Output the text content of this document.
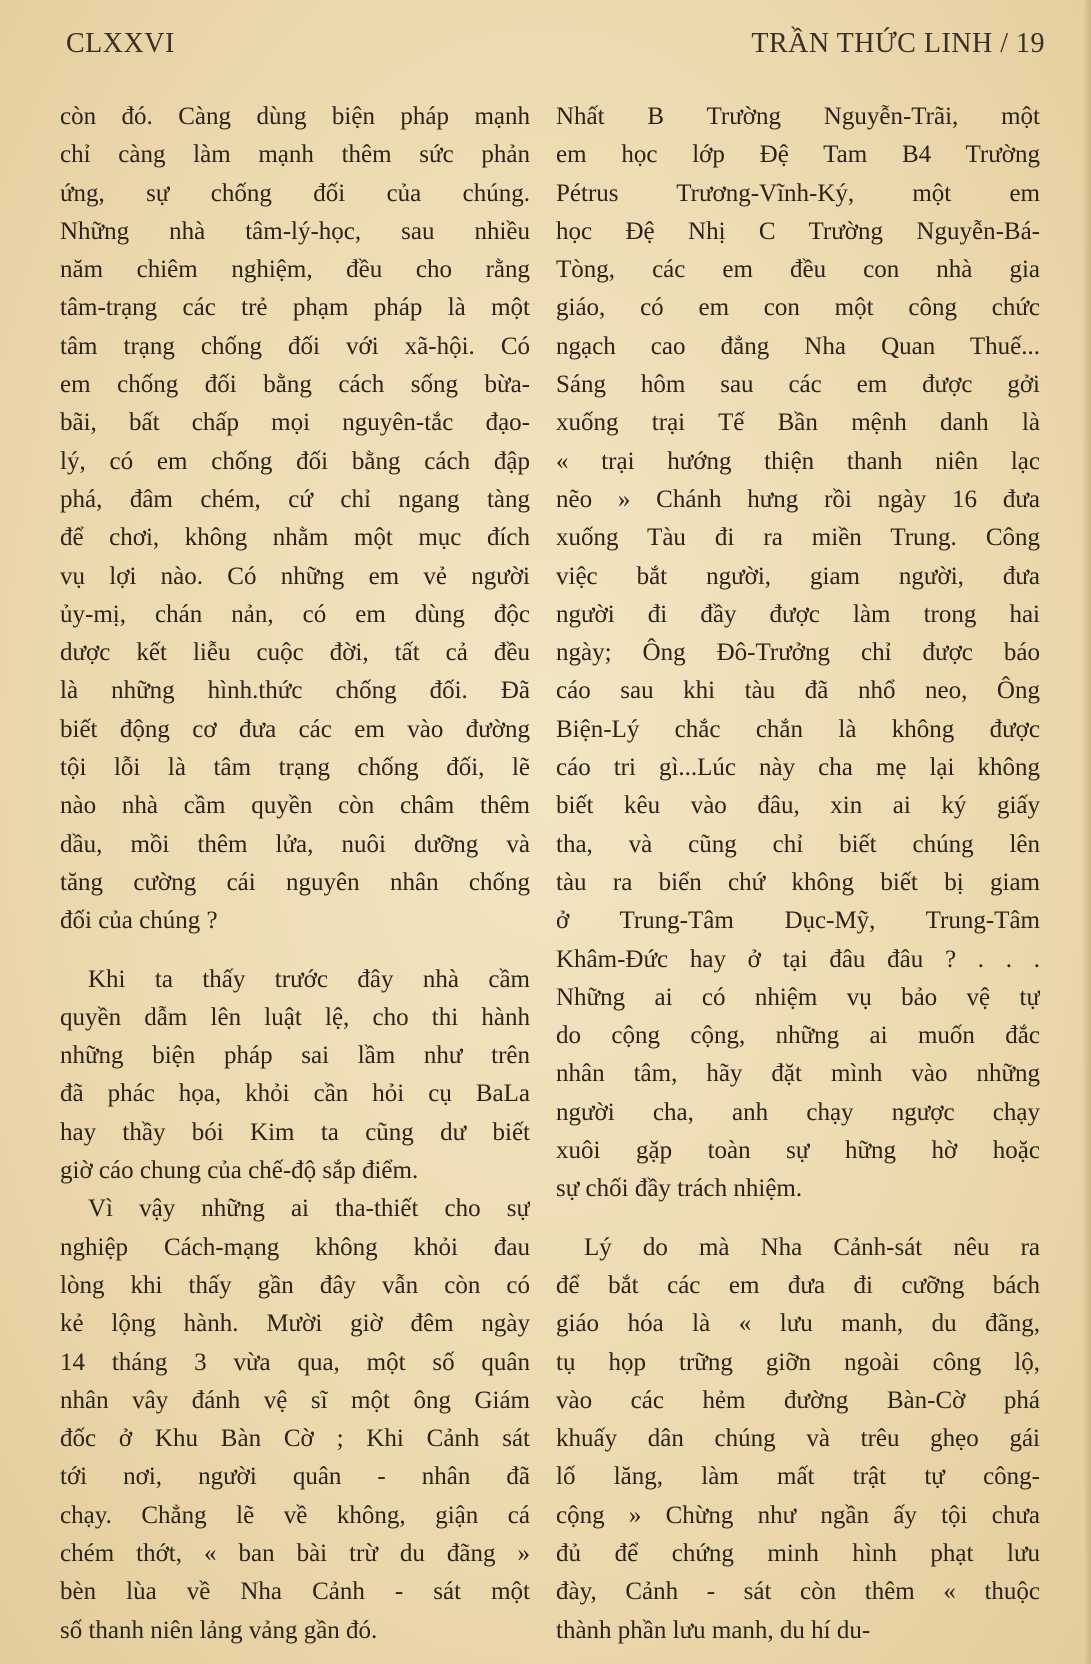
CLXXVI	TRẦN THỨC LINH / 19
còn đó. Càng dùng biện pháp mạnh
chỉ càng làm mạnh thêm sức phản
ứng, sự chống đối của chúng.
Những nhà tâm-lý-học, sau nhiều
năm chiêm nghiệm, đều cho rằng
tâm-trạng các trẻ phạm pháp là một
tâm trạng chống đối với xã-hội. Có
em chống đối bằng cách sống bừa-
bãi, bất chấp mọi nguyên-tắc đạo-
lý, có em chống đối bằng cách đập
phá, đâm chém, cứ chỉ ngang tàng
để chơi, không nhằm một mục đích
vụ lợi nào. Có những em vẻ người
ủy-mị, chán nản, có em dùng độc
dược kết liễu cuộc đời, tất cả đều
là những hình.thức chống đối. Đã
biết động cơ đưa các em vào đường
tội lỗi là tâm trạng chống đối, lẽ
nào nhà cầm quyền còn châm thêm
dầu, mồi thêm lửa, nuôi dưỡng và
tăng cường cái nguyên nhân chống
đối của chúng ?
Khi ta thấy trước đây nhà cầm
quyền dẫm lên luật lệ, cho thi hành
những biện pháp sai lầm như trên
đã phác họa, khỏi cần hỏi cụ BaLa
hay thầy bói Kim ta cũng dư biết
giờ cáo chung của chế-độ sắp điểm.
Vì vậy những ai tha-thiết cho sự
nghiệp Cách-mạng không khỏi đau
lòng khi thấy gần đây vẫn còn có
kẻ lộng hành. Mười giờ đêm ngày
14 tháng 3 vừa qua, một số quân
nhân vây đánh vệ sĩ một ông Giám
đốc ở Khu Bàn Cờ ; Khi Cảnh sát
tới nơi, người quân - nhân đã
chạy. Chẳng lẽ về không, giận cá
chém thớt, « ban bài trừ du đãng »
bèn lùa về Nha Cảnh - sát một
số thanh niên lảng vảng gần đó.
Nhất B Trường Nguyễn-Trãi, một
em học lớp Đệ Tam B4 Trường
Pétrus Trương-Vĩnh-Ký, một em
học Đệ Nhị C Trường Nguyễn-Bá-
Tòng, các em đều con nhà gia
giáo, có em con một công chức
ngạch cao đẳng Nha Quan Thuế...
Sáng hôm sau các em được gởi
xuống trại Tế Bần mệnh danh là
« trại hướng thiện thanh niên lạc
nẽo » Chánh hưng rồi ngày 16 đưa
xuống Tàu đi ra miền Trung. Công
việc bắt người, giam người, đưa
người đi đầy được làm trong hai
ngày; Ông Đô-Trưởng chỉ được báo
cáo sau khi tàu đã nhổ neo, Ông
Biện-Lý chắc chắn là không được
cáo tri gì...Lúc này cha mẹ lại không
biết kêu vào đâu, xin ai ký giấy
tha, và cũng chỉ biết chúng lên
tàu ra biển chứ không biết bị giam
ở Trung-Tâm Dục-Mỹ, Trung-Tâm
Khâm-Đức hay ở tại đâu đâu ? . . .
Những ai có nhiệm vụ bảo vệ tự
do cộng cộng, những ai muốn đắc
nhân tâm, hãy đặt mình vào những
người cha, anh chạy ngược chạy
xuôi gặp toàn sự hững hờ hoặc
sự chối đầy trách nhiệm.
Lý do mà Nha Cảnh-sát nêu ra
để bắt các em đưa đi cưỡng bách
giáo hóa là « lưu manh, du đãng,
tụ họp trững giỡn ngoài công lộ,
vào các hẻm đường Bàn-Cờ phá
khuấy dân chúng và trêu ghẹo gái
lố lăng, làm mất trật tự công-
cộng » Chừng như ngần ấy tội chưa
đủ để chứng minh hình phạt lưu
đày, Cảnh - sát còn thêm « thuộc
thành phần lưu manh, du hí du-
